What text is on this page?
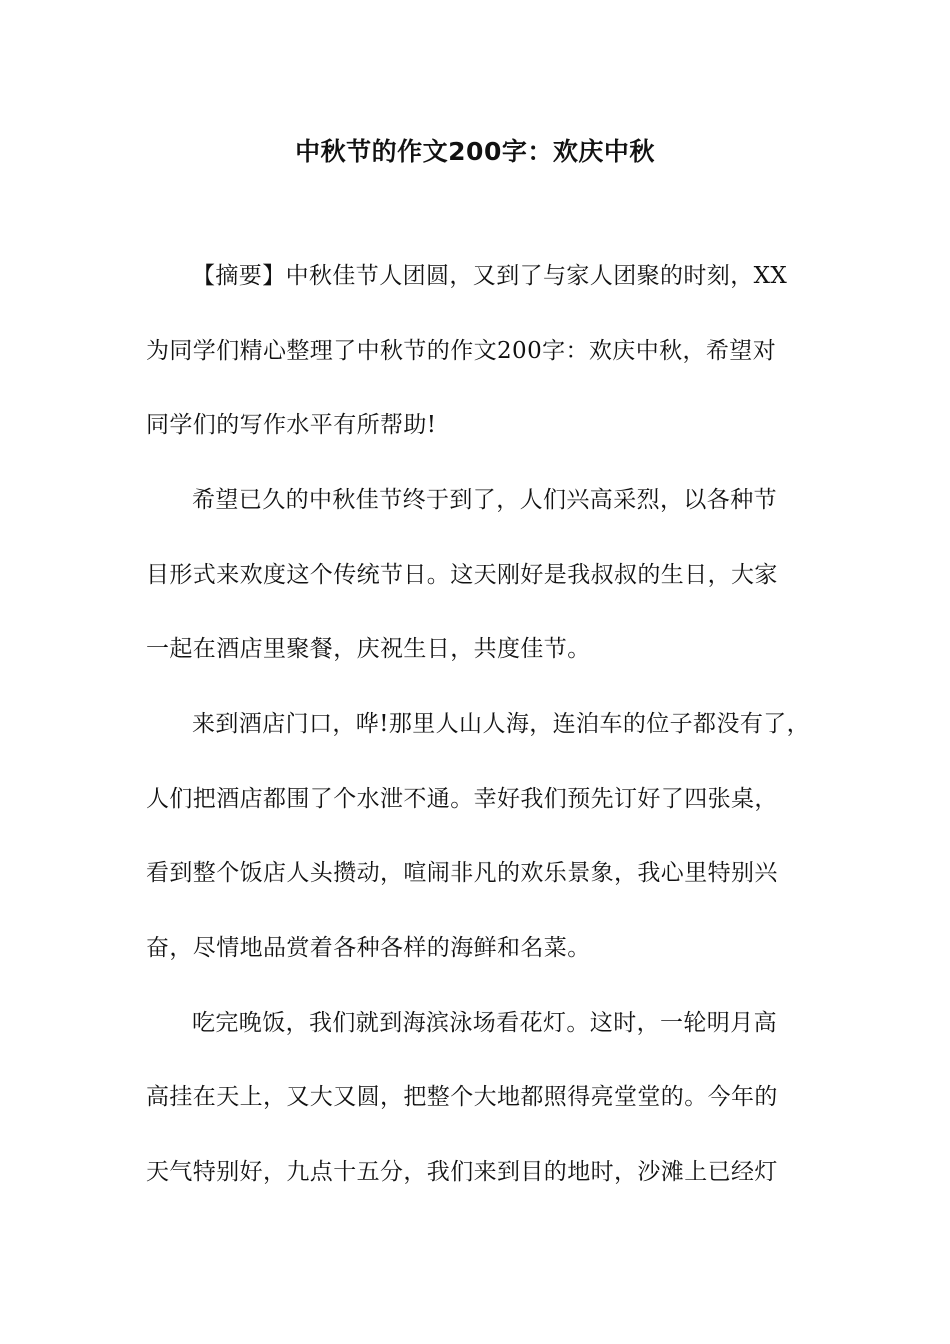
中秋节的作文200字：欢庆中秋
【摘要】中秋佳节人团圆，又到了与家人团聚的时刻，XX
为同学们精心整理了中秋节的作文200字：欢庆中秋，希望对
同学们的写作水平有所帮助!
希望已久的中秋佳节终于到了，人们兴高采烈，以各种节
目形式来欢度这个传统节日。这天刚好是我叔叔的生日，大家
一起在酒店里聚餐，庆祝生日，共度佳节。
来到酒店门口，哗!那里人山人海，连泊车的位子都没有了，
人们把酒店都围了个水泄不通。幸好我们预先订好了四张桌，
看到整个饭店人头攒动，喧闹非凡的欢乐景象，我心里特别兴
奋，尽情地品赏着各种各样的海鲜和名菜。
吃完晚饭，我们就到海滨泳场看花灯。这时，一轮明月高
高挂在天上，又大又圆，把整个大地都照得亮堂堂的。今年的
天气特别好，九点十五分，我们来到目的地时，沙滩上已经灯
